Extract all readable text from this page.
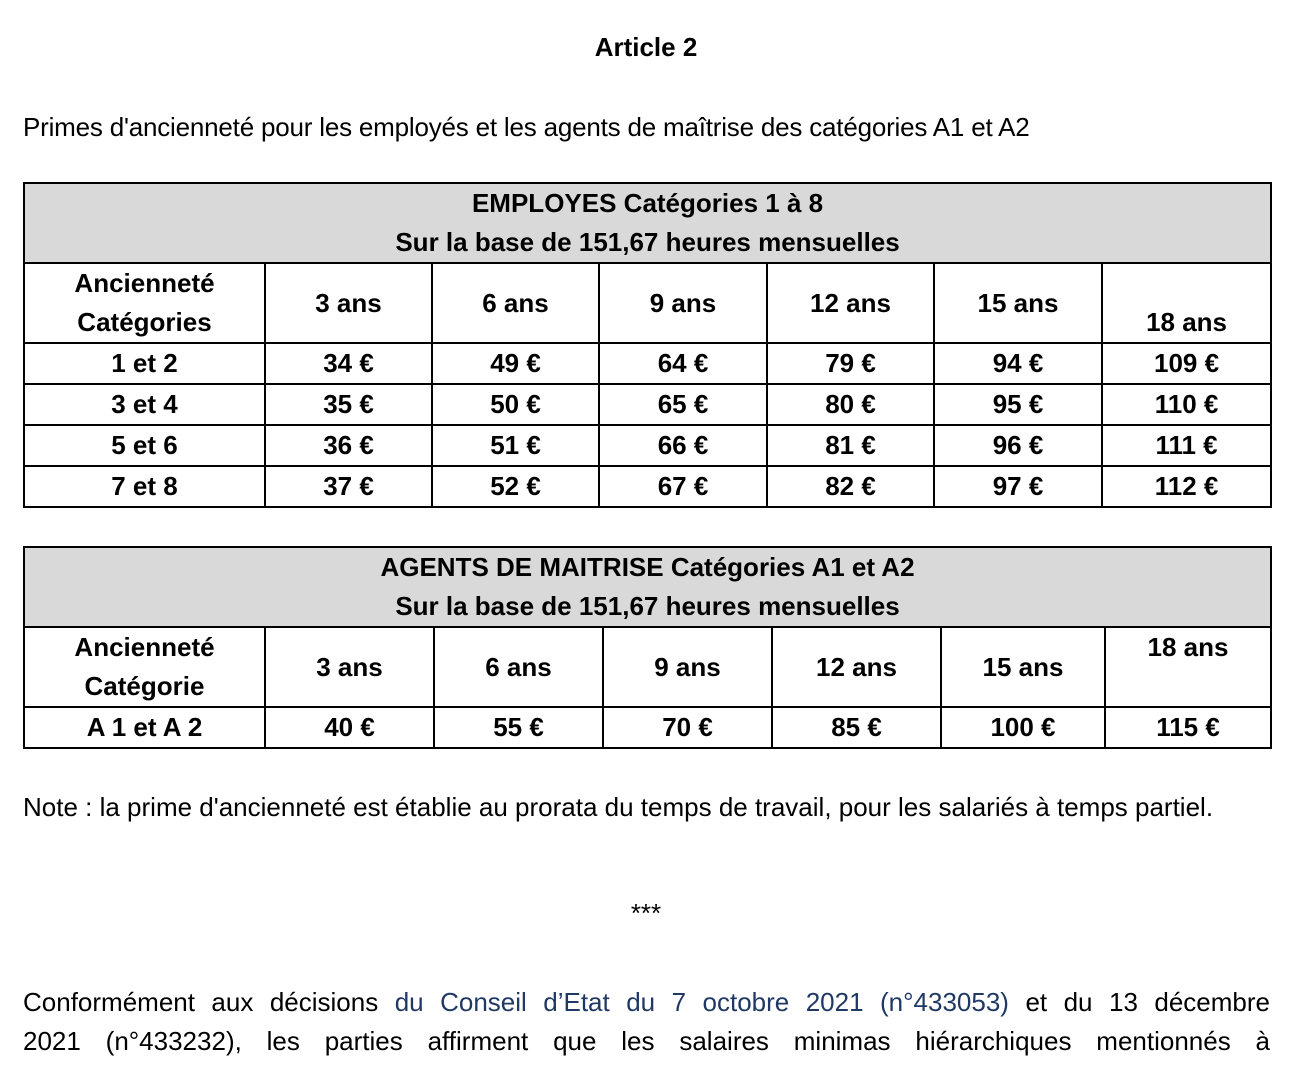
Article 2
Primes d'ancienneté pour les employés et les agents de maîtrise des catégories A1 et A2
EMPLOYES Catégories 1 à 8
Sur la base de 151,67 heures mensuelles						

Ancienneté
Catégories	3 ans	6 ans	9 ans	12 ans	15 ans	18 ans
1 et 2	34 €	49 €	64 €	79 €	94 €	109 €
3 et 4	35 €	50 €	65 €	80 €	95 €	110 €
5 et 6	36 €	51 €	66 €	81 €	96 €	111 €
7 et 8	37 €	52 €	67 €	82 €	97 €	112 €
AGENTS DE MAITRISE Catégories A1 et A2
Sur la base de 151,67 heures mensuelles						

Ancienneté
Catégorie	3 ans	6 ans	9 ans	12 ans	15 ans	18 ans
A 1 et A 2	40 €	55 €	70 €	85 €	100 €	115 €
Note : la prime d'ancienneté est établie au prorata du temps de travail, pour les salariés à temps partiel.
***
Conformément aux décisions du Conseil d’Etat du 7 octobre 2021 (n°433053) et du 13 décembre
2021 (n°433232), les parties affirment que les salaires minimas hiérarchiques mentionnés à
